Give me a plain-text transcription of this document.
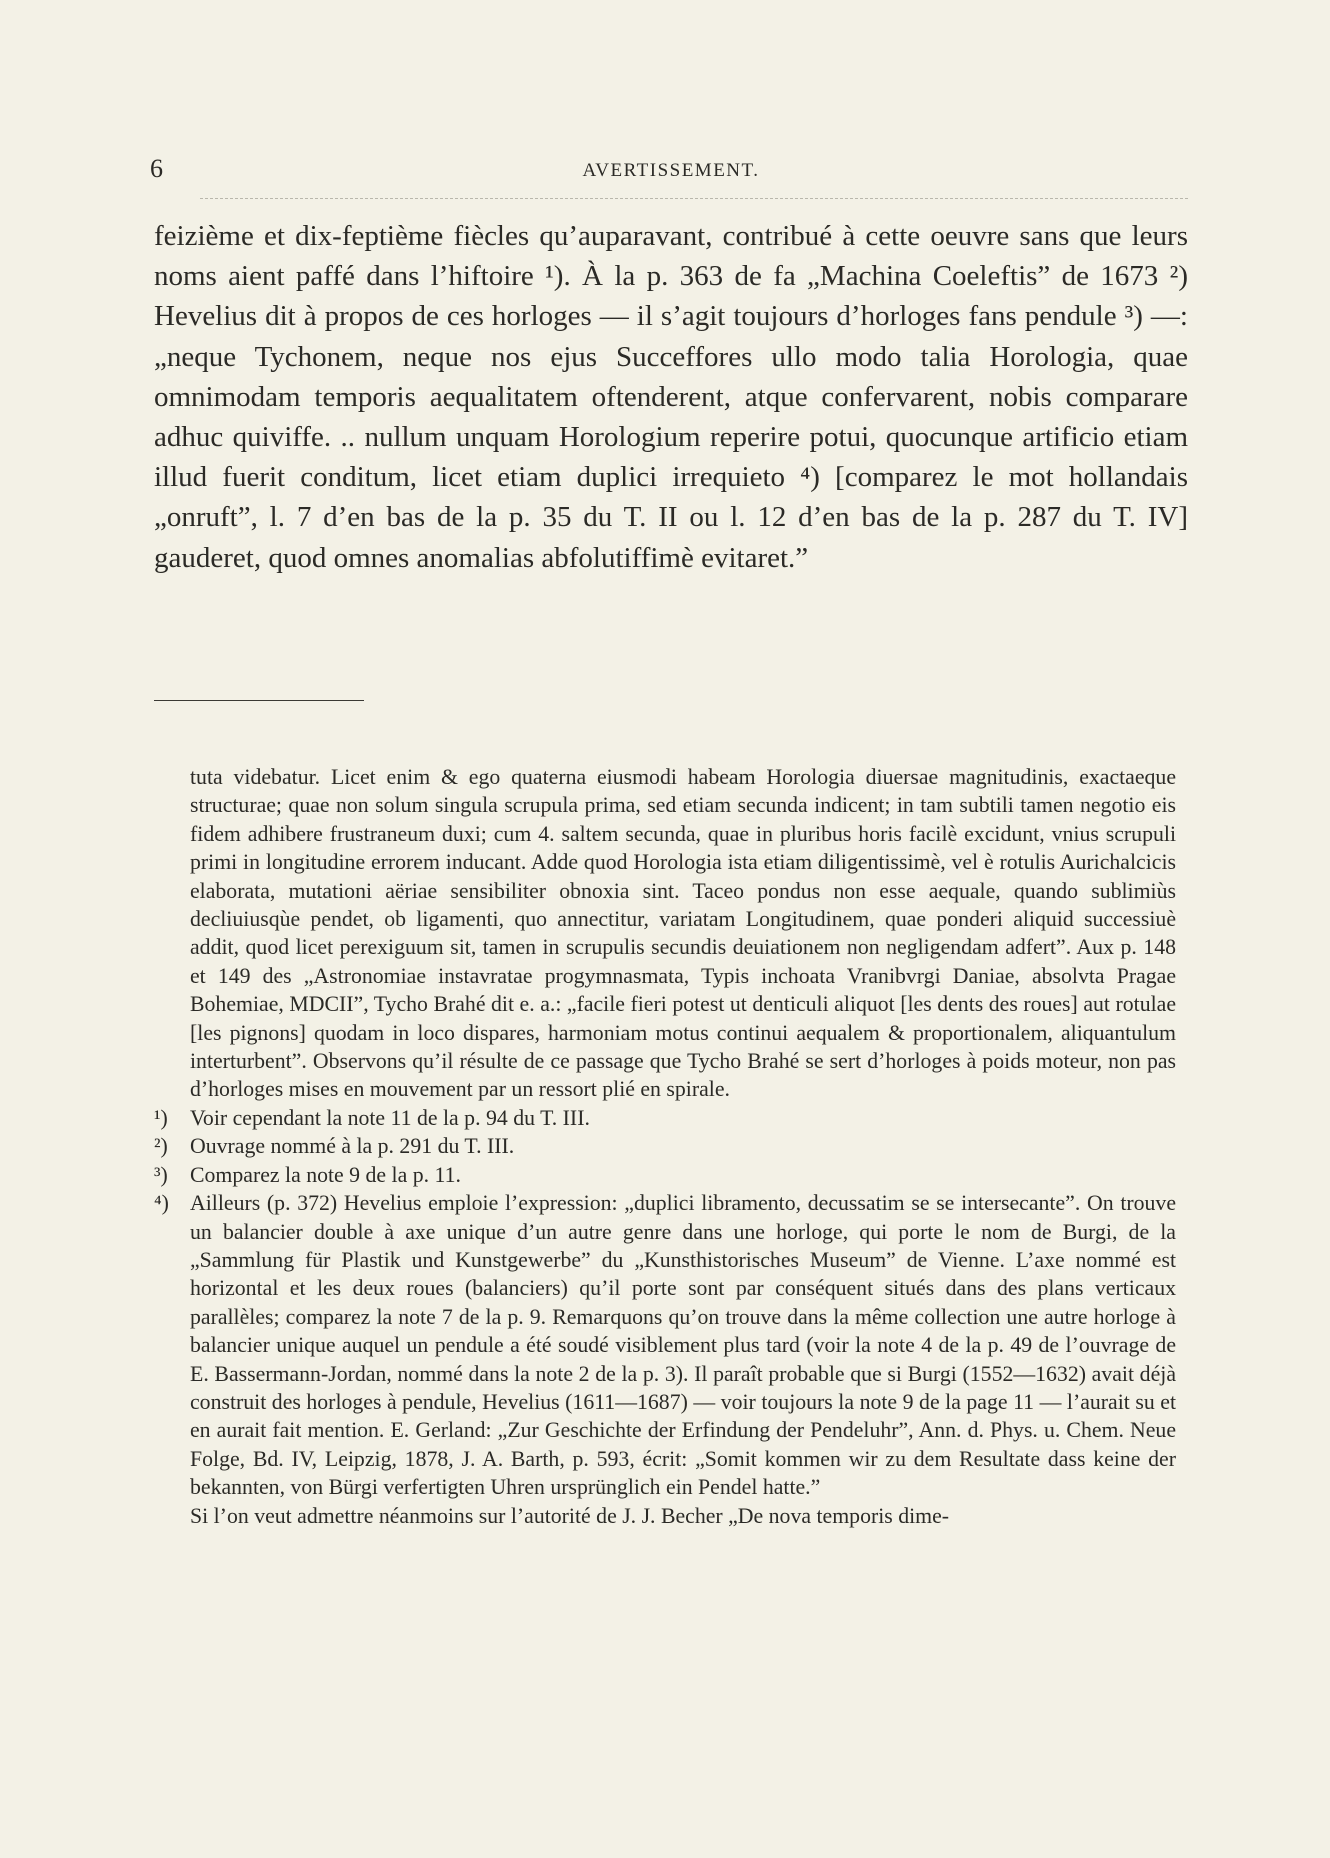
6	AVERTISSEMENT.

feizième et dix-feptième fiècles qu’auparavant, contribué à cette oeuvre sans que leurs noms aient paffé dans l’hiftoire ¹). À la p. 363 de fa „Machina Coeleftis” de 1673 ²) Hevelius dit à propos de ces horloges — il s’agit toujours d’horloges fans pendule ³) —: „neque Tychonem, neque nos ejus Succeffores ullo modo talia Horologia, quae omnimodam temporis aequalitatem oftenderent, atque confervarent, nobis comparare adhuc quiviffe. .. nullum unquam Horologium reperire potui, quocunque artificio etiam illud fuerit conditum, licet etiam duplici irrequieto ⁴) [comparez le mot hollandais „onruft”, l. 7 d’en bas de la p. 35 du T. II ou l. 12 d’en bas de la p. 287 du T. IV] gauderet, quod omnes anomalias abfolutiffimè evitaret.”

tuta videbatur. Licet enim & ego quaterna eiusmodi habeam Horologia diuersae magnitudinis, exactaeque structurae; quae non solum singula scrupula prima, sed etiam secunda indicent; in tam subtili tamen negotio eis fidem adhibere frustraneum duxi; cum 4. saltem secunda, quae in pluribus horis facilè excidunt, vnius scrupuli primi in longitudine errorem inducant. Adde quod Horologia ista etiam diligentissimè, vel è rotulis Aurichalcicis elaborata, mutationi aëriae sensibiliter obnoxia sint. Taceo pondus non esse aequale, quando sublimiùs decliuiusqùe pendet, ob ligamenti, quo annectitur, variatam Longitudinem, quae ponderi aliquid successiuè addit, quod licet perexiguum sit, tamen in scrupulis secundis deuiationem non negligendam adfert”. Aux p. 148 et 149 des „Astronomiae instavratae progymnasmata, Typis inchoata Vranibvrgi Daniae, absolvta Pragae Bohemiae, MDCII”, Tycho Brahé dit e. a.: „facile fieri potest ut denticuli aliquot [les dents des roues] aut rotulae [les pignons] quodam in loco dispares, harmoniam motus continui aequalem & proportionalem, aliquantulum interturbent”. Observons qu’il résulte de ce passage que Tycho Brahé se sert d’horloges à poids moteur, non pas d’horloges mises en mouvement par un ressort plié en spirale.

¹) Voir cependant la note 11 de la p. 94 du T. III.
²) Ouvrage nommé à la p. 291 du T. III.
³) Comparez la note 9 de la p. 11.
⁴) Ailleurs (p. 372) Hevelius emploie l’expression: „duplici libramento, decussatim se se intersecante”. On trouve un balancier double à axe unique d’un autre genre dans une horloge, qui porte le nom de Burgi, de la „Sammlung für Plastik und Kunstgewerbe” du „Kunsthistorisches Museum” de Vienne. L’axe nommé est horizontal et les deux roues (balanciers) qu’il porte sont par conséquent situés dans des plans verticaux parallèles; comparez la note 7 de la p. 9. Remarquons qu’on trouve dans la même collection une autre horloge à balancier unique auquel un pendule a été soudé visiblement plus tard (voir la note 4 de la p. 49 de l’ouvrage de E. Bassermann-Jordan, nommé dans la note 2 de la p. 3). Il paraît probable que si Burgi (1552—1632) avait déjà construit des horloges à pendule, Hevelius (1611—1687) — voir toujours la note 9 de la page 11 — l’aurait su et en aurait fait mention. E. Gerland: „Zur Geschichte der Erfindung der Pendeluhr”, Ann. d. Phys. u. Chem. Neue Folge, Bd. IV, Leipzig, 1878, J. A. Barth, p. 593, écrit: „Somit kommen wir zu dem Resultate dass keine der bekannten, von Bürgi verfertigten Uhren ursprünglich ein Pendel hatte.”
Si l’on veut admettre néanmoins sur l’autorité de J. J. Becher „De nova temporis dime-
